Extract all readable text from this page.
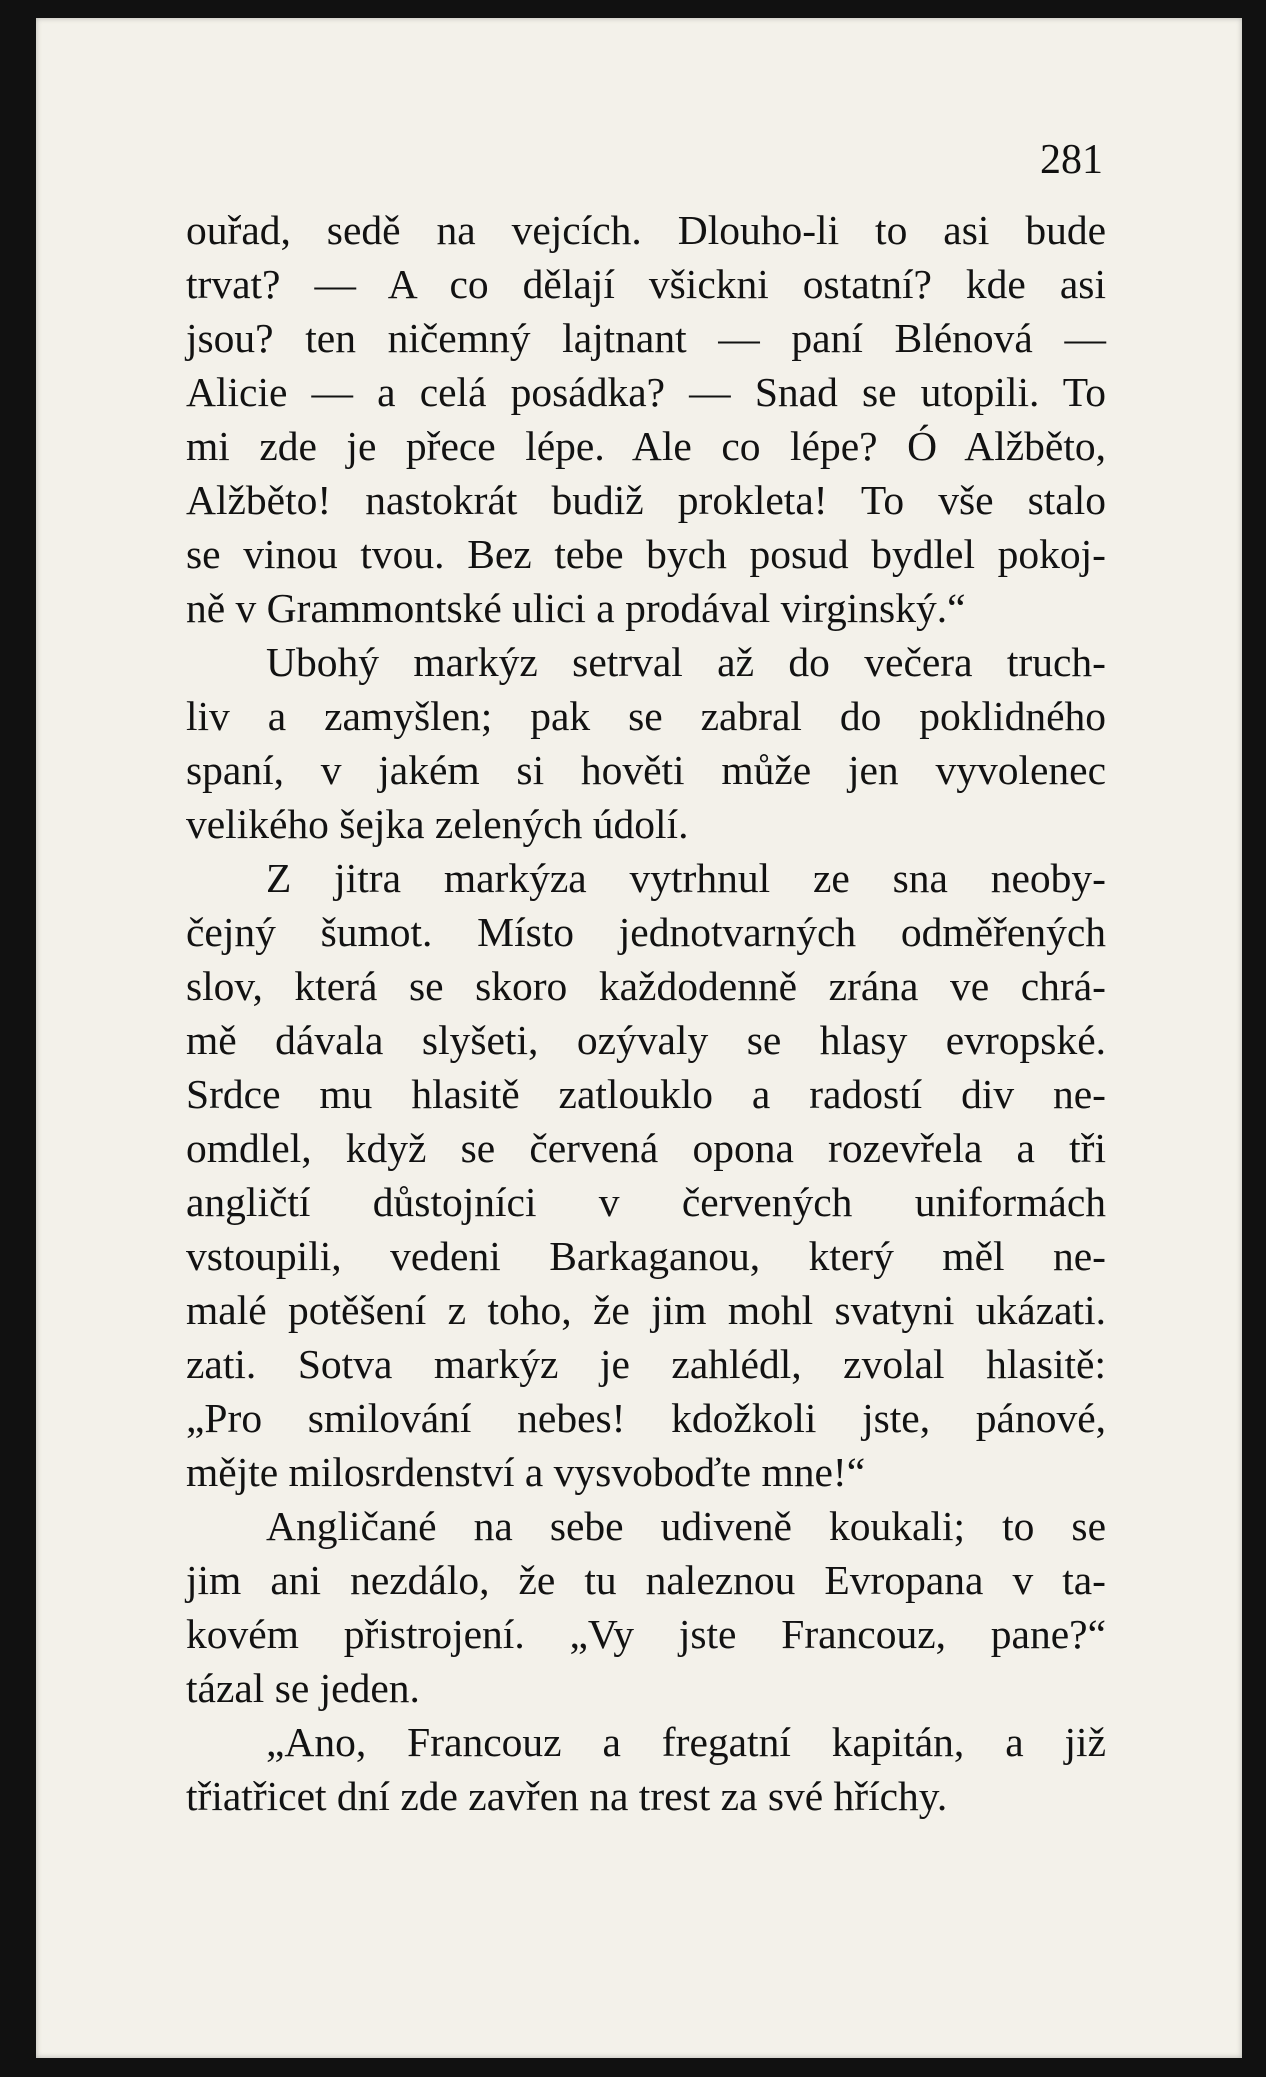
281
ouřad, sedě na vejcích. Dlouho-li to asi bude
trvat? — A co dělají všickni ostatní? kde asi
jsou? ten ničemný lajtnant — paní Blénová —
Alicie — a celá posádka? — Snad se utopili. To
mi zde je přece lépe. Ale co lépe? Ó Alžběto,
Alžběto! nastokrát budiž prokleta! To vše stalo
se vinou tvou. Bez tebe bych posud bydlel pokoj-
ně v Grammontské ulici a prodával virginský.“
Ubohý markýz setrval až do večera truch-
liv a zamyšlen; pak se zabral do poklidného
spaní, v jakém si hověti může jen vyvolenec
velikého šejka zelených údolí.
Z jitra markýza vytrhnul ze sna neoby-
čejný šumot. Místo jednotvarných odměřených
slov, která se skoro každodenně zrána ve chrá-
mě dávala slyšeti, ozývaly se hlasy evropské.
Srdce mu hlasitě zatlouklo a radostí div ne-
omdlel, když se červená opona rozevřela a tři
angličtí důstojníci v červených uniformách
vstoupili, vedeni Barkaganou, který měl ne-
malé potěšení z toho, že jim mohl svatyni ukázati.
zati. Sotva markýz je zahlédl, zvolal hlasitě:
„Pro smilování nebes! kdožkoli jste, pánové,
mějte milosrdenství a vysvoboďte mne!“
Angličané na sebe udiveně koukali; to se
jim ani nezdálo, že tu naleznou Evropana v ta-
kovém přistrojení. „Vy jste Francouz, pane?“
tázal se jeden.
„Ano, Francouz a fregatní kapitán, a již
třiatřicet dní zde zavřen na trest za své hříchy.
